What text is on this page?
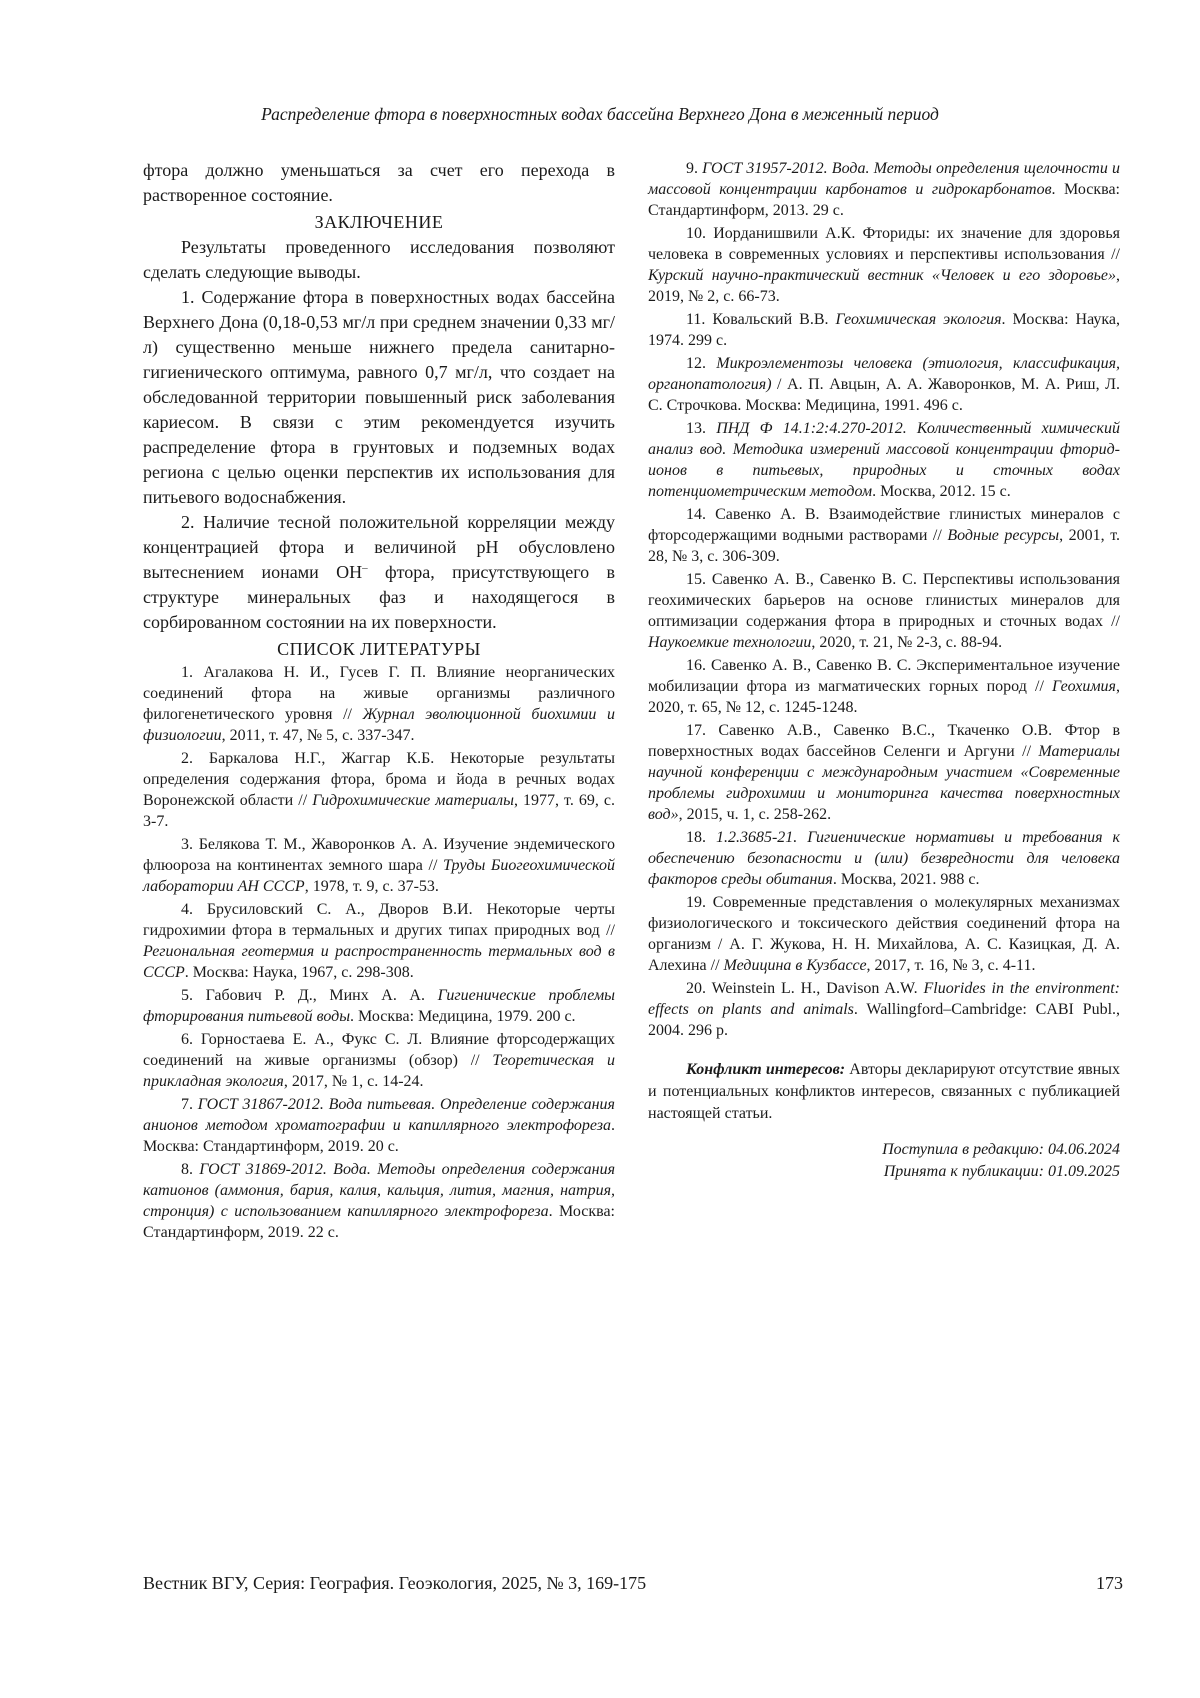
Распределение фтора в поверхностных водах бассейна Верхнего Дона в меженный период

фтора должно уменьшаться за счет его перехода в растворенное состояние.

ЗАКЛЮЧЕНИЕ

Результаты проведенного исследования позволяют сделать следующие выводы.

1. Содержание фтора в поверхностных водах бассейна Верхнего Дона (0,18-0,53 мг/л при среднем значении 0,33 мг/л) существенно меньше нижнего предела санитарно-гигиенического оптимума, равного 0,7 мг/л, что создает на обследованной территории повышенный риск заболевания кариесом. В связи с этим рекомендуется изучить распределение фтора в грунтовых и подземных водах региона с целью оценки перспектив их использования для питьевого водоснабжения.

2. Наличие тесной положительной корреляции между концентрацией фтора и величиной pH обусловлено вытеснением ионами OH– фтора, присутствующего в структуре минеральных фаз и находящегося в сорбированном состоянии на их поверхности.

СПИСОК ЛИТЕРАТУРЫ

1. Агалакова Н. И., Гусев Г. П. Влияние неорганических соединений фтора на живые организмы различного филогенетического уровня // Журнал эволюционной биохимии и физиологии, 2011, т. 47, № 5, с. 337-347.

2. Баркалова Н.Г., Жаггар К.Б. Некоторые результаты определения содержания фтора, брома и йода в речных водах Воронежской области // Гидрохимические материалы, 1977, т. 69, с. 3-7.

3. Белякова Т. М., Жаворонков А. А. Изучение эндемического флюороза на континентах земного шара // Труды Биогеохимической лаборатории АН СССР, 1978, т. 9, с. 37-53.

4. Брусиловский С. А., Дворов В.И. Некоторые черты гидрохимии фтора в термальных и других типах природных вод // Региональная геотермия и распространенность термальных вод в СССР. Москва: Наука, 1967, с. 298-308.

5. Габович Р. Д., Минх А. А. Гигиенические проблемы фторирования питьевой воды. Москва: Медицина, 1979. 200 с.

6. Горностаева Е. А., Фукс С. Л. Влияние фторсодержащих соединений на живые организмы (обзор) // Теоретическая и прикладная экология, 2017, № 1, с. 14-24.

7. ГОСТ 31867-2012. Вода питьевая. Определение содержания анионов методом хроматографии и капиллярного электрофореза. Москва: Стандартинформ, 2019. 20 с.

8. ГОСТ 31869-2012. Вода. Методы определения содержания катионов (аммония, бария, калия, кальция, лития, магния, натрия, стронция) с использованием капиллярного электрофореза. Москва: Стандартинформ, 2019. 22 с.

9. ГОСТ 31957-2012. Вода. Методы определения щелочности и массовой концентрации карбонатов и гидрокарбонатов. Москва: Стандартинформ, 2013. 29 с.

10. Иорданишвили А.К. Фториды: их значение для здоровья человека в современных условиях и перспективы использования // Курский научно-практический вестник «Человек и его здоровье», 2019, № 2, с. 66-73.

11. Ковальский В.В. Геохимическая экология. Москва: Наука, 1974. 299 с.

12. Микроэлементозы человека (этиология, классификация, органопатология) / А. П. Авцын, А. А. Жаворонков, М. А. Риш, Л. С. Строчкова. Москва: Медицина, 1991. 496 с.

13. ПНД Ф 14.1:2:4.270-2012. Количественный химический анализ вод. Методика измерений массовой концентрации фторид-ионов в питьевых, природных и сточных водах потенциометрическим методом. Москва, 2012. 15 с.

14. Савенко А. В. Взаимодействие глинистых минералов с фторсодержащими водными растворами // Водные ресурсы, 2001, т. 28, № 3, с. 306-309.

15. Савенко А. В., Савенко В. С. Перспективы использования геохимических барьеров на основе глинистых минералов для оптимизации содержания фтора в природных и сточных водах // Наукоемкие технологии, 2020, т. 21, № 2-3, с. 88-94.

16. Савенко А. В., Савенко В. С. Экспериментальное изучение мобилизации фтора из магматических горных пород // Геохимия, 2020, т. 65, № 12, с. 1245-1248.

17. Савенко А.В., Савенко В.С., Ткаченко О.В. Фтор в поверхностных водах бассейнов Селенги и Аргуни // Материалы научной конференции с международным участием «Современные проблемы гидрохимии и мониторинга качества поверхностных вод», 2015, ч. 1, с. 258-262.

18. 1.2.3685-21. Гигиенические нормативы и требования к обеспечению безопасности и (или) безвредности для человека факторов среды обитания. Москва, 2021. 988 с.

19. Современные представления о молекулярных механизмах физиологического и токсического действия соединений фтора на организм / А. Г. Жукова, Н. Н. Михайлова, А. С. Казицкая, Д. А. Алехина // Медицина в Кузбассе, 2017, т. 16, № 3, с. 4-11.

20. Weinstein L. H., Davison A.W. Fluorides in the environment: effects on plants and animals. Wallingford–Cambridge: CABI Publ., 2004. 296 p.

Конфликт интересов: Авторы декларируют отсутствие явных и потенциальных конфликтов интересов, связанных с публикацией настоящей статьи.

Поступила в редакцию: 04.06.2024
Принята к публикации: 01.09.2025
Вестник ВГУ, Серия: География. Геоэкология, 2025, № 3, 169-175	173
